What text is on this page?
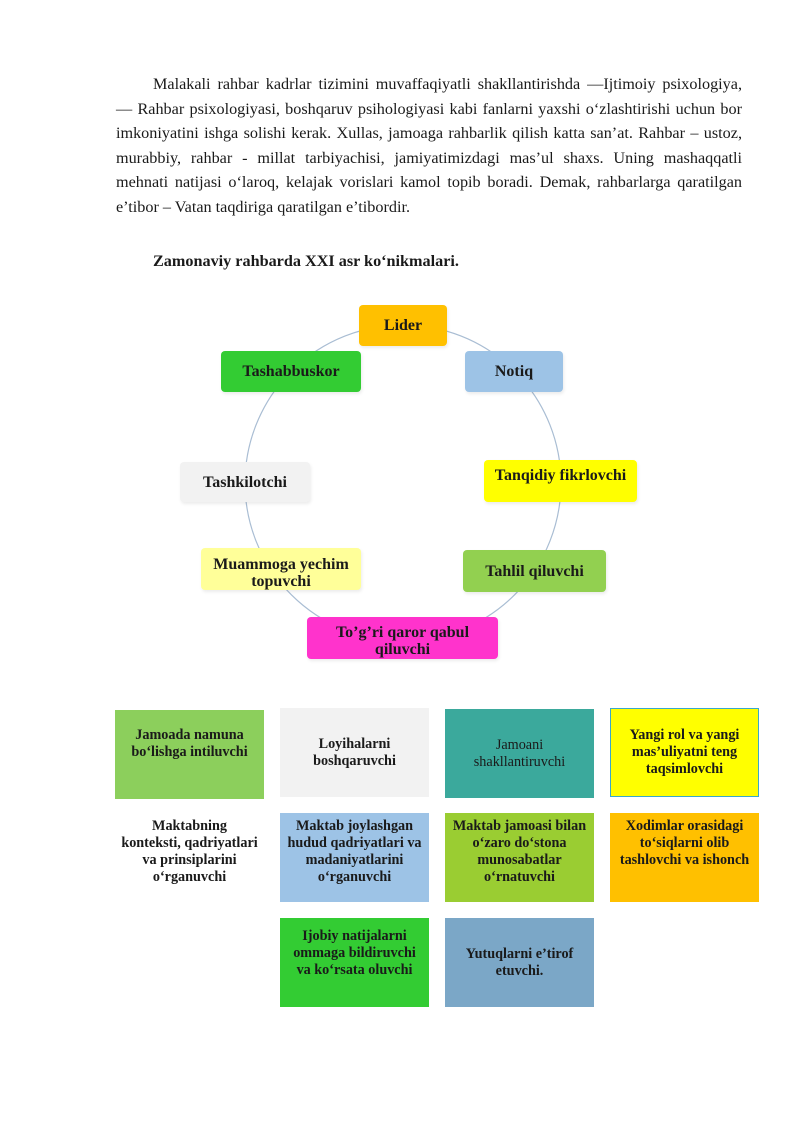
Malakali rahbar kadrlar tizimini muvaffaqiyatli shakllantirishda ―Ijtimoiy psixologiya, ― Rahbar psixologiyasi, boshqaruv psihologiyasi kabi fanlarni yaxshi o‘zlashtirishi uchun bor imkoniyatini ishga solishi kerak. Xullas, jamoaga rahbarlik qilish katta san’at. Rahbar – ustoz, murabbiy, rahbar - millat tarbiyachisi, jamiyatimizdagi mas’ul shaxs. Uning mashaqqatli mehnati natijasi o‘laroq, kelajak vorislari kamol topib boradi. Demak, rahbarlarga qaratilgan e’tibor – Vatan taqdiriga qaratilgan e’tibordir.

Zamonaviy rahbarda XXI asr ko‘nikmalari.

Lider
Notiq
Tanqidiy fikrlovchi
Tahlil qiluvchi
To’g’ri qaror qabul qiluvchi
Muammoga yechim topuvchi
Tashkilotchi
Tashabbuskor
Jamoada namuna bo‘lishga intiluvchi
Loyihalarni boshqaruvchi
Jamoani shakllantiruvchi
Yangi rol va yangi mas’uliyatni teng taqsimlovchi
Maktabning konteksti, qadriyatlari va prinsiplarini o‘rganuvchi
Maktab joylashgan hudud qadriyatlari va madaniyatlarini o‘rganuvchi
Maktab jamoasi bilan o‘zaro do‘stona munosabatlar o‘rnatuvchi
Xodimlar orasidagi to‘siqlarni olib tashlovchi va ishonch
Ijobiy natijalarni ommaga bildiruvchi va ko‘rsata oluvchi
Yutuqlarni e’tirof etuvchi.
